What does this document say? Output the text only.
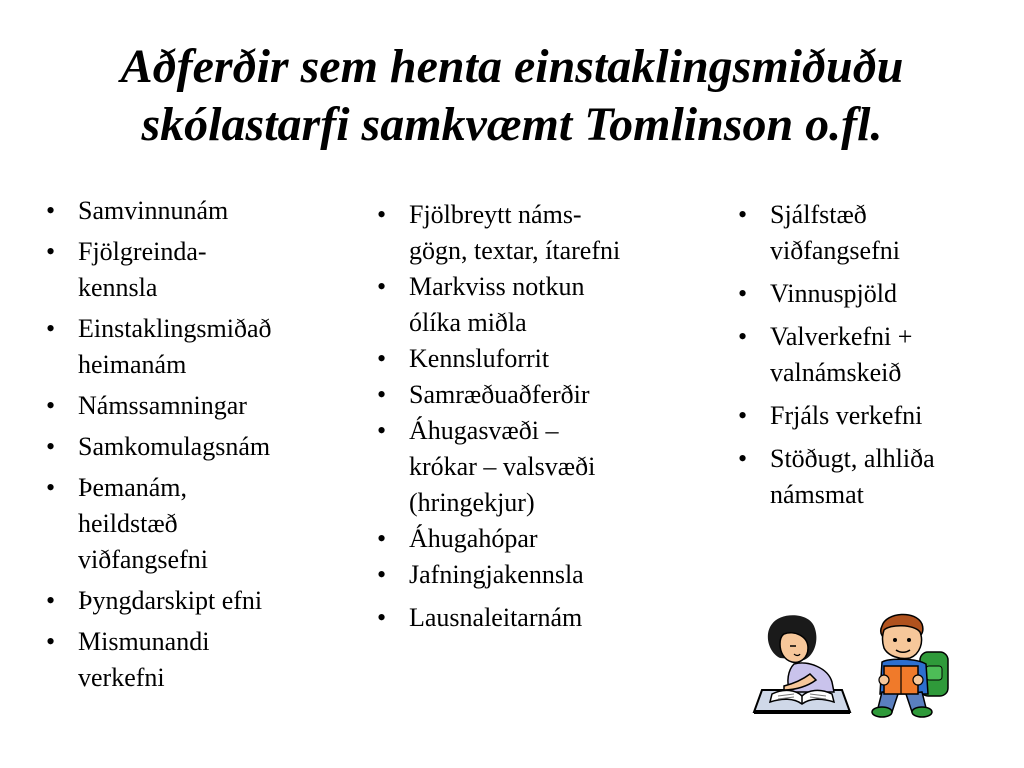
Aðferðir sem henta einstaklingsmiðuðu
skólastarfi samkvæmt Tomlinson o.fl.
• Samvinnunám
• Fjölgreinda-
kennsla
• Einstaklingsmiðað
heimanám
• Námssamningar
• Samkomulagsnám
• Þemanám,
heildstæð
viðfangsefni
• Þyngdarskipt efni
• Mismunandi
verkefni
• Fjölbreytt náms-
gögn, textar, ítarefni
• Markviss notkun
ólíka miðla
• Kennsluforrit
• Samræðuaðferðir
• Áhugasvæði –
krókar – valsvæði
(hringekjur)
• Áhugahópar
• Jafningjakennsla
• Lausnaleitarnám
• Sjálfstæð
viðfangsefni
• Vinnuspjöld
• Valverkefni +
valnámskeið
• Frjáls verkefni
• Stöðugt, alhliða
námsmat
